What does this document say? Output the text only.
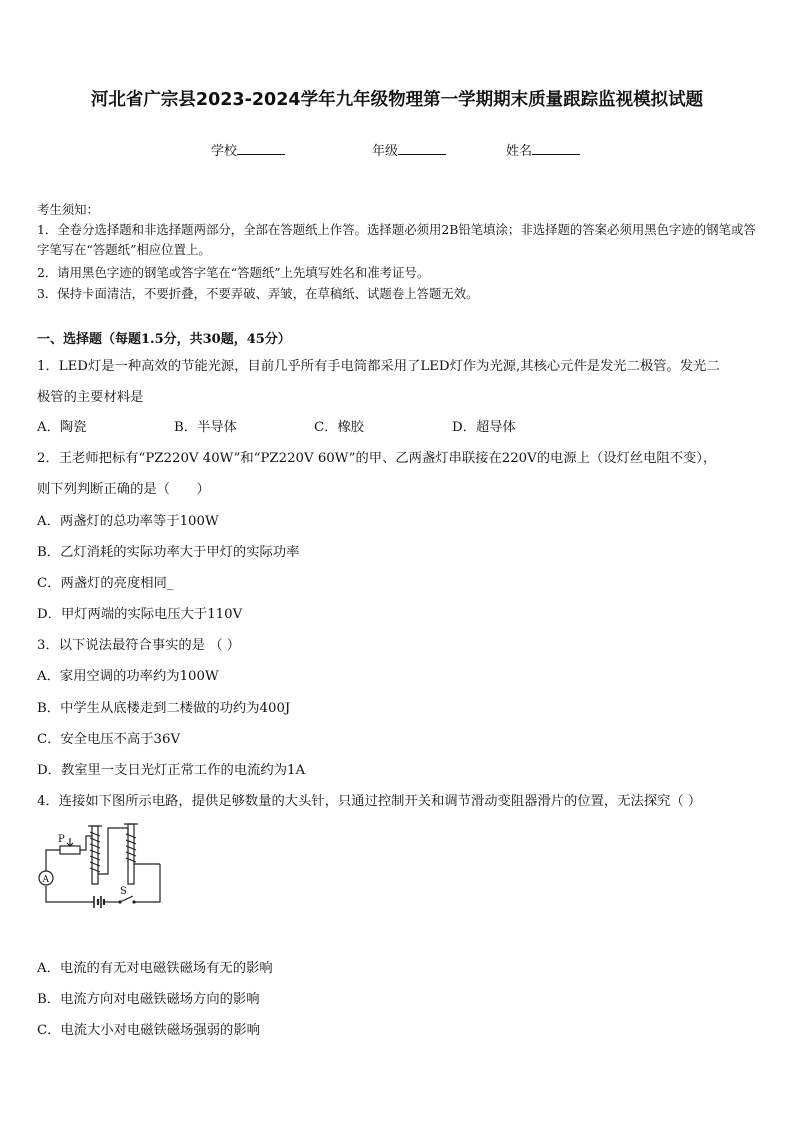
河北省广宗县2023-2024学年九年级物理第一学期期末质量跟踪监视模拟试题
学校	年级	姓名
考生须知：
1．全卷分选择题和非选择题两部分，全部在答题纸上作答。选择题必须用2B铅笔填涂；非选择题的答案必须用黑色字迹的钢笔或答字笔写在“答题纸”相应位置上。
2．请用黑色字迹的钢笔或答字笔在“答题纸”上先填写姓名和准考证号。
3．保持卡面清洁，不要折叠，不要弄破、弄皱，在草稿纸、试题卷上答题无效。
一、选择题（每题1.5分，共30题，45分）
1．LED灯是一种高效的节能光源，目前几乎所有手电筒都采用了LED灯作为光源,其核心元件是发光二极管。发光二
极管的主要材料是
A．陶瓷	B．半导体	C．橡胶	D．超导体
2．王老师把标有“PZ220V 40W”和“PZ220V 60W”的甲、乙两盏灯串联接在220V的电源上（设灯丝电阻不变），
则下列判断正确的是（　　）
A．两盏灯的总功率等于100W
B．乙灯消耗的实际功率大于甲灯的实际功率
C．两盏灯的亮度相同_
D．甲灯两端的实际电压大于110V
3．以下说法最符合事实的是 （ ）
A．家用空调的功率约为100W
B．中学生从底楼走到二楼做的功约为400J
C．安全电压不高于36V
D．教室里一支日光灯正常工作的电流约为1A
4．连接如下图所示电路，提供足够数量的大头针，只通过控制开关和调节滑动变阻器滑片的位置，无法探究（ ）
P
A
S
A．电流的有无对电磁铁磁场有无的影响
B．电流方向对电磁铁磁场方向的影响
C．电流大小对电磁铁磁场强弱的影响
